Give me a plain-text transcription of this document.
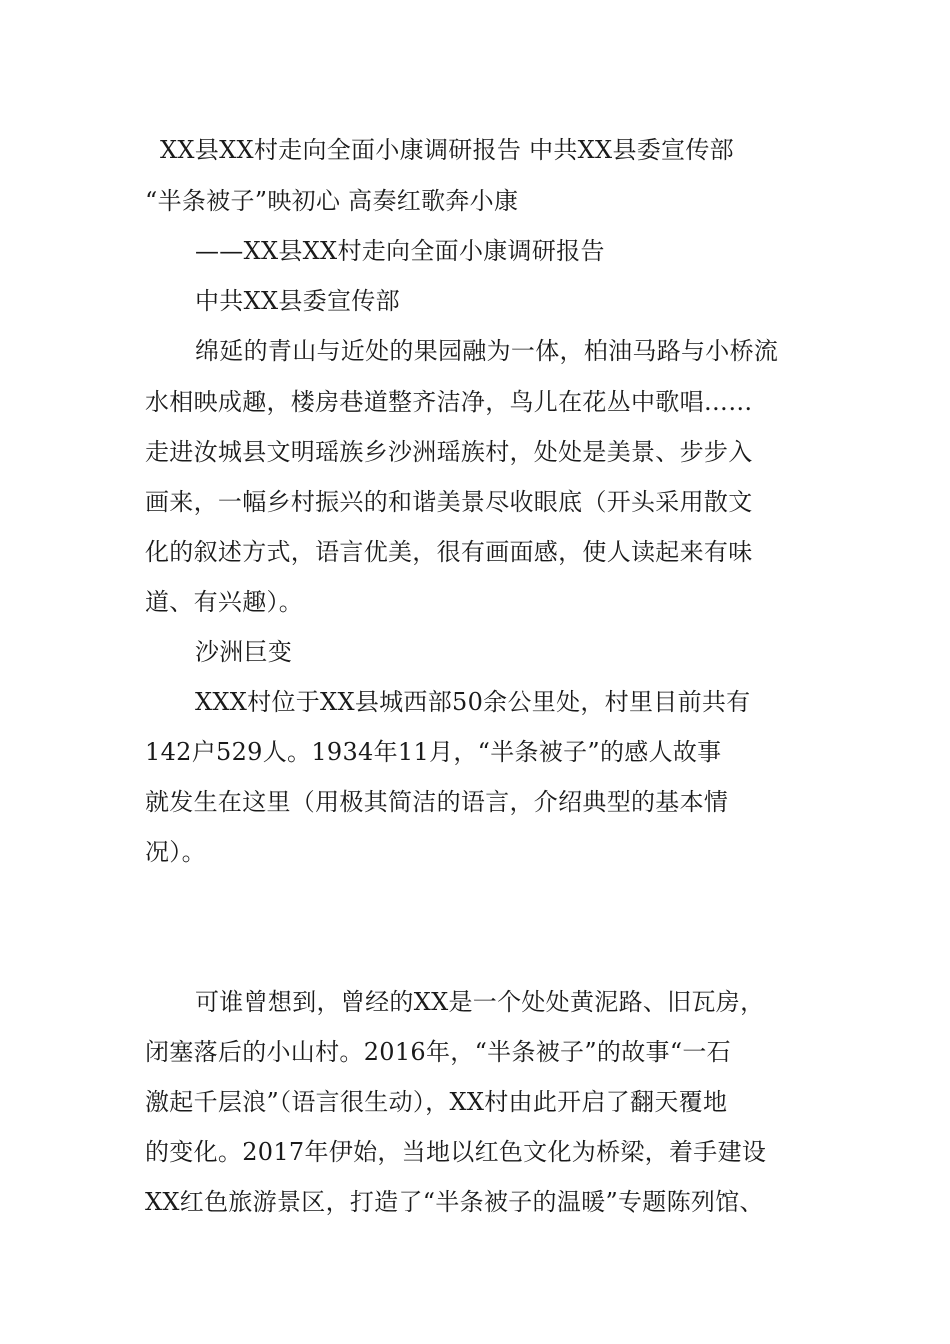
XX县XX村走向全面小康调研报告 中共XX县委宣传部
“半条被子”映初心 高奏红歌奔小康
——XX县XX村走向全面小康调研报告
中共XX县委宣传部
绵延的青山与近处的果园融为一体，柏油马路与小桥流
水相映成趣，楼房巷道整齐洁净，鸟儿在花丛中歌唱……
走进汝城县文明瑶族乡沙洲瑶族村，处处是美景、步步入
画来，一幅乡村振兴的和谐美景尽收眼底（开头采用散文
化的叙述方式，语言优美，很有画面感，使人读起来有味
道、有兴趣）。
沙洲巨变
XXX村位于XX县城西部50余公里处，村里目前共有
142户529人。1934年11月，“半条被子”的感人故事
就发生在这里（用极其简洁的语言，介绍典型的基本情
况）。
可谁曾想到，曾经的XX是一个处处黄泥路、旧瓦房，
闭塞落后的小山村。2016年，“半条被子”的故事“一石
激起千层浪”（语言很生动），XX村由此开启了翻天覆地
的变化。2017年伊始，当地以红色文化为桥梁，着手建设
XX红色旅游景区，打造了“半条被子的温暖”专题陈列馆、
